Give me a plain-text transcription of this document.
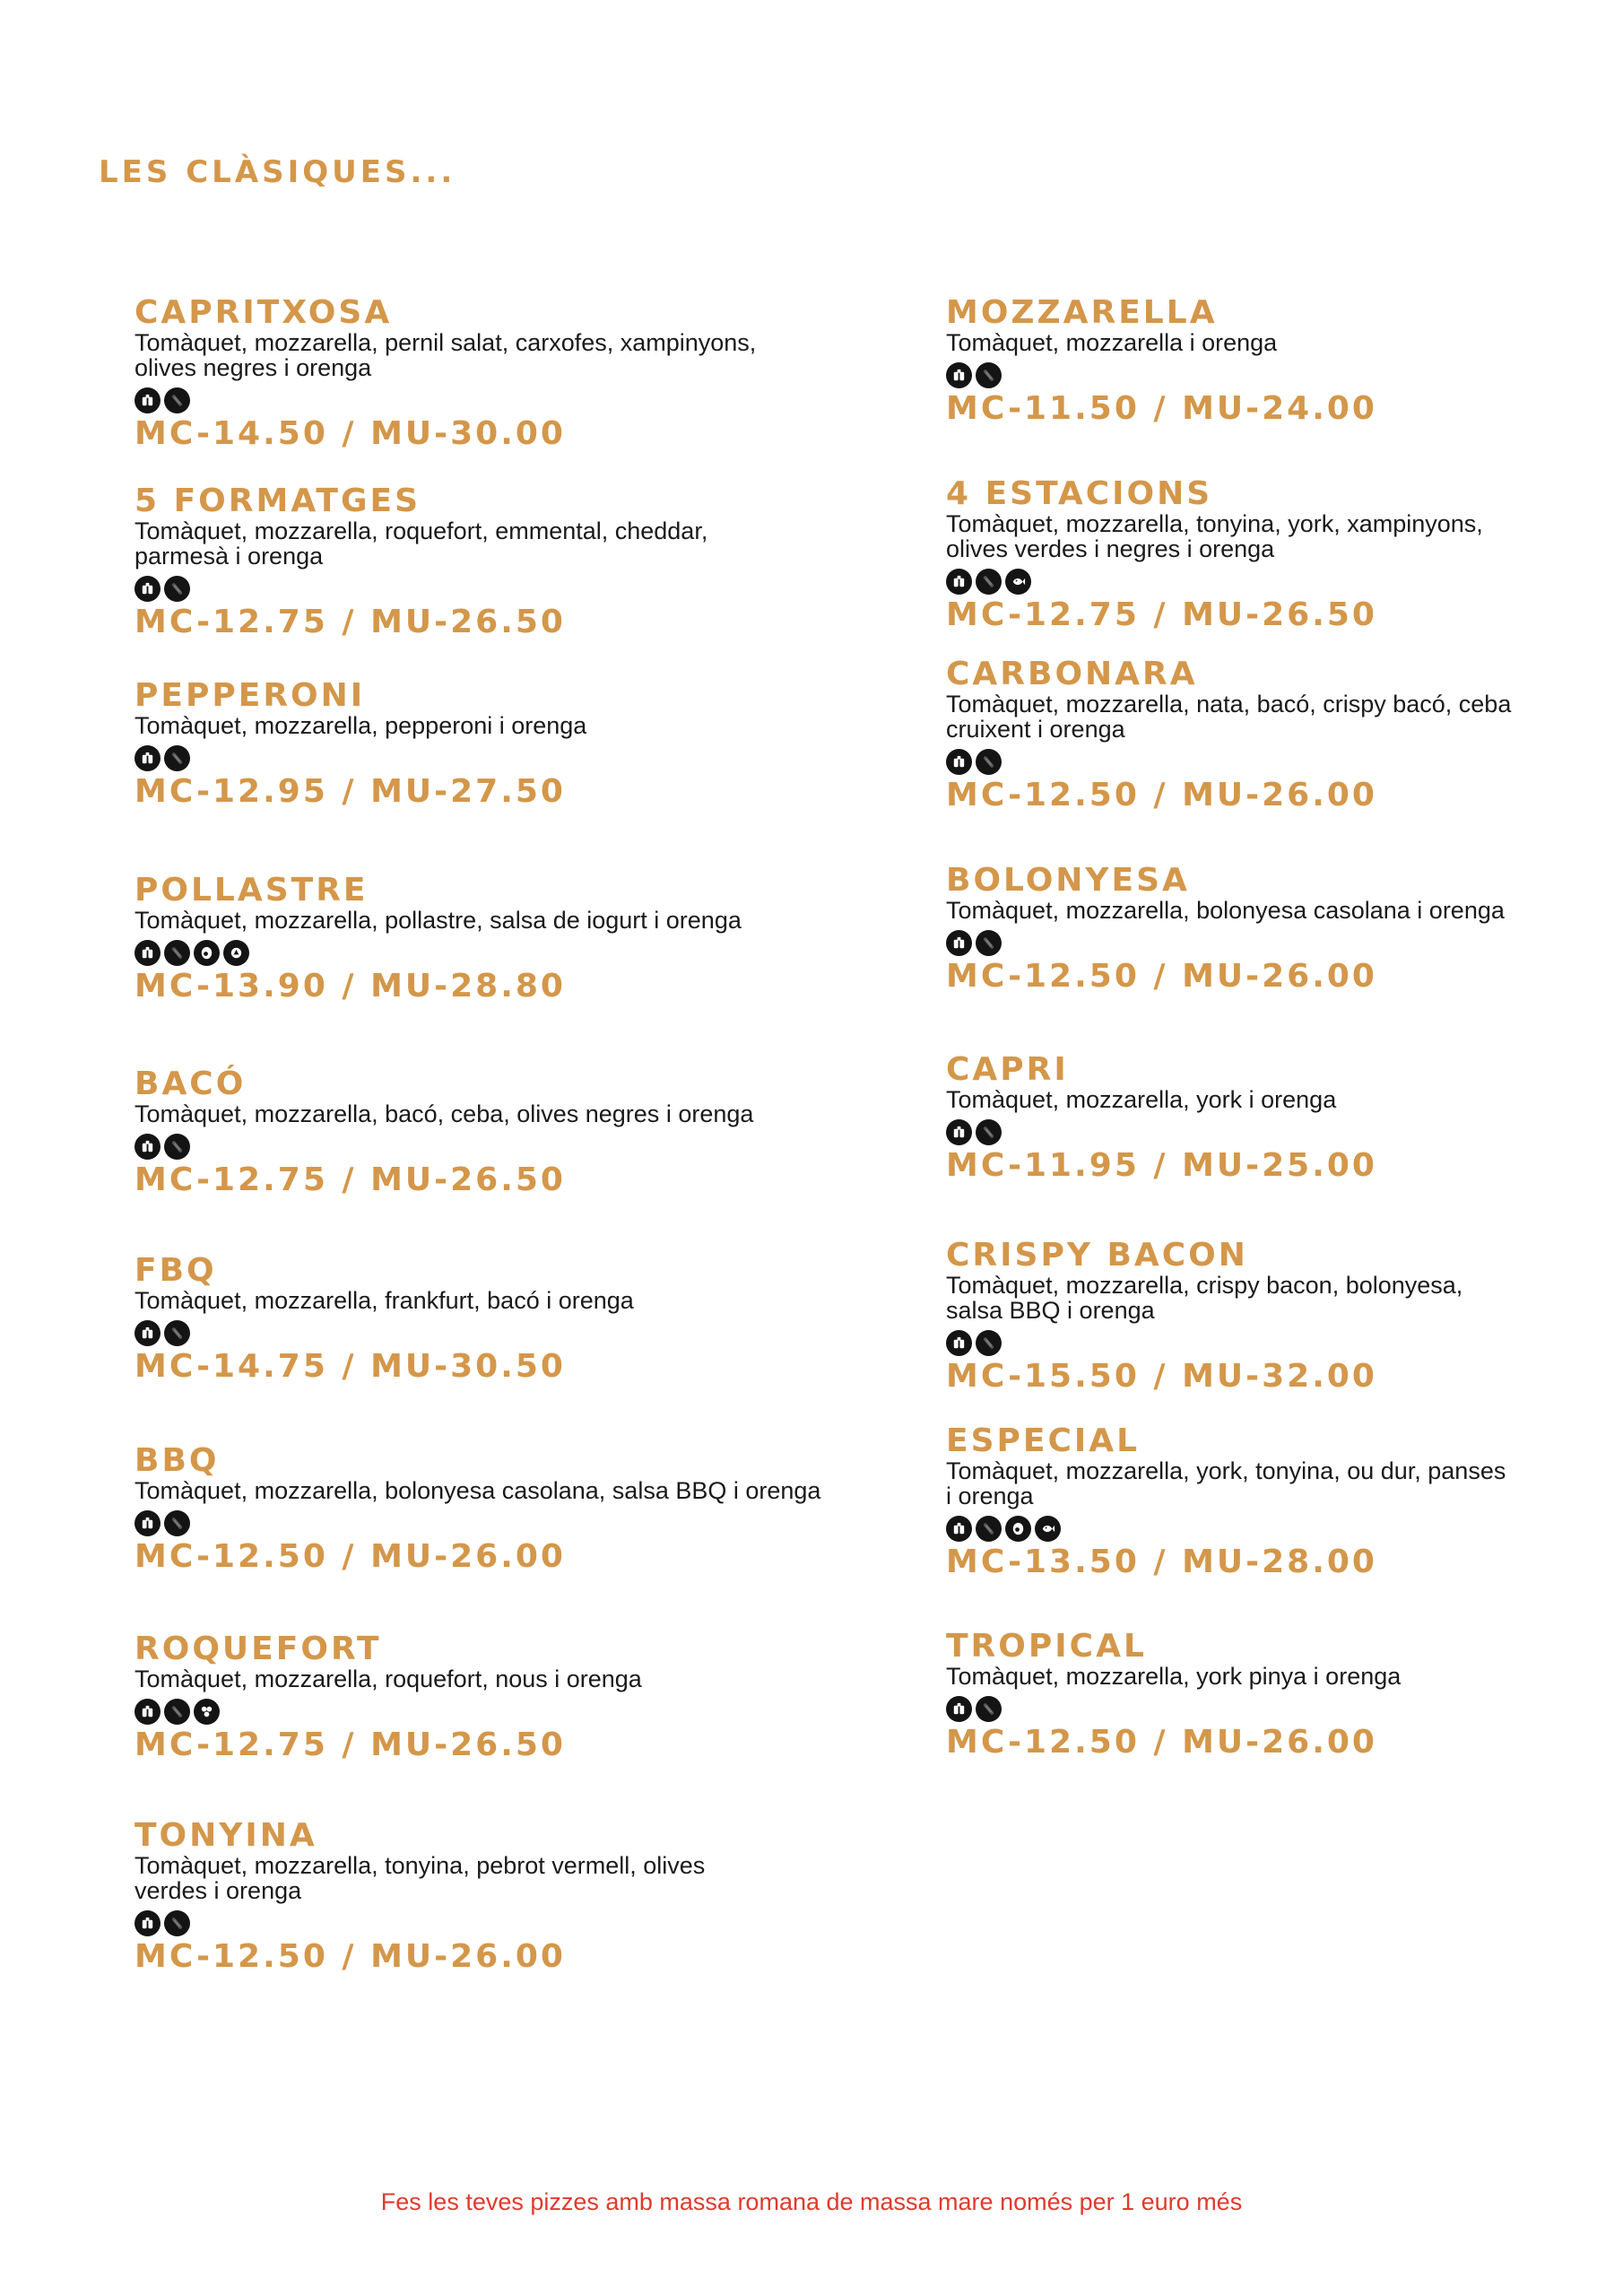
LES CLÀSIQUES...
CAPRITXOSA
Tomàquet, mozzarella, pernil salat, carxofes, xampinyons,
olives negres i orenga
MC-14.50 / MU-30.00
5 FORMATGES
Tomàquet, mozzarella, roquefort, emmental, cheddar,
parmesà i orenga
MC-12.75 / MU-26.50
PEPPERONI
Tomàquet, mozzarella, pepperoni i orenga
MC-12.95 / MU-27.50
POLLASTRE
Tomàquet, mozzarella, pollastre, salsa de iogurt i orenga
MC-13.90 / MU-28.80
BACÓ
Tomàquet, mozzarella, bacó, ceba, olives negres i orenga
MC-12.75 / MU-26.50
FBQ
Tomàquet, mozzarella, frankfurt, bacó i orenga
MC-14.75 / MU-30.50
BBQ
Tomàquet, mozzarella, bolonyesa casolana, salsa BBQ i orenga
MC-12.50 / MU-26.00
ROQUEFORT
Tomàquet, mozzarella, roquefort, nous i orenga
MC-12.75 / MU-26.50
TONYINA
Tomàquet, mozzarella, tonyina, pebrot vermell, olives
verdes i orenga
MC-12.50 / MU-26.00
MOZZARELLA
Tomàquet, mozzarella i orenga
MC-11.50 / MU-24.00
4 ESTACIONS
Tomàquet, mozzarella, tonyina, york, xampinyons,
olives verdes i negres i orenga
MC-12.75 / MU-26.50
CARBONARA
Tomàquet, mozzarella, nata, bacó, crispy bacó, ceba
cruixent i orenga
MC-12.50 / MU-26.00
BOLONYESA
Tomàquet, mozzarella, bolonyesa casolana i orenga
MC-12.50 / MU-26.00
CAPRI
Tomàquet, mozzarella, york i orenga
MC-11.95 / MU-25.00
CRISPY BACON
Tomàquet, mozzarella, crispy bacon, bolonyesa,
salsa BBQ i orenga
MC-15.50 / MU-32.00
ESPECIAL
Tomàquet, mozzarella, york, tonyina, ou dur, panses
i orenga
MC-13.50 / MU-28.00
TROPICAL
Tomàquet, mozzarella, york pinya i orenga
MC-12.50 / MU-26.00
Fes les teves pizzes amb massa romana de massa mare només per 1 euro més
